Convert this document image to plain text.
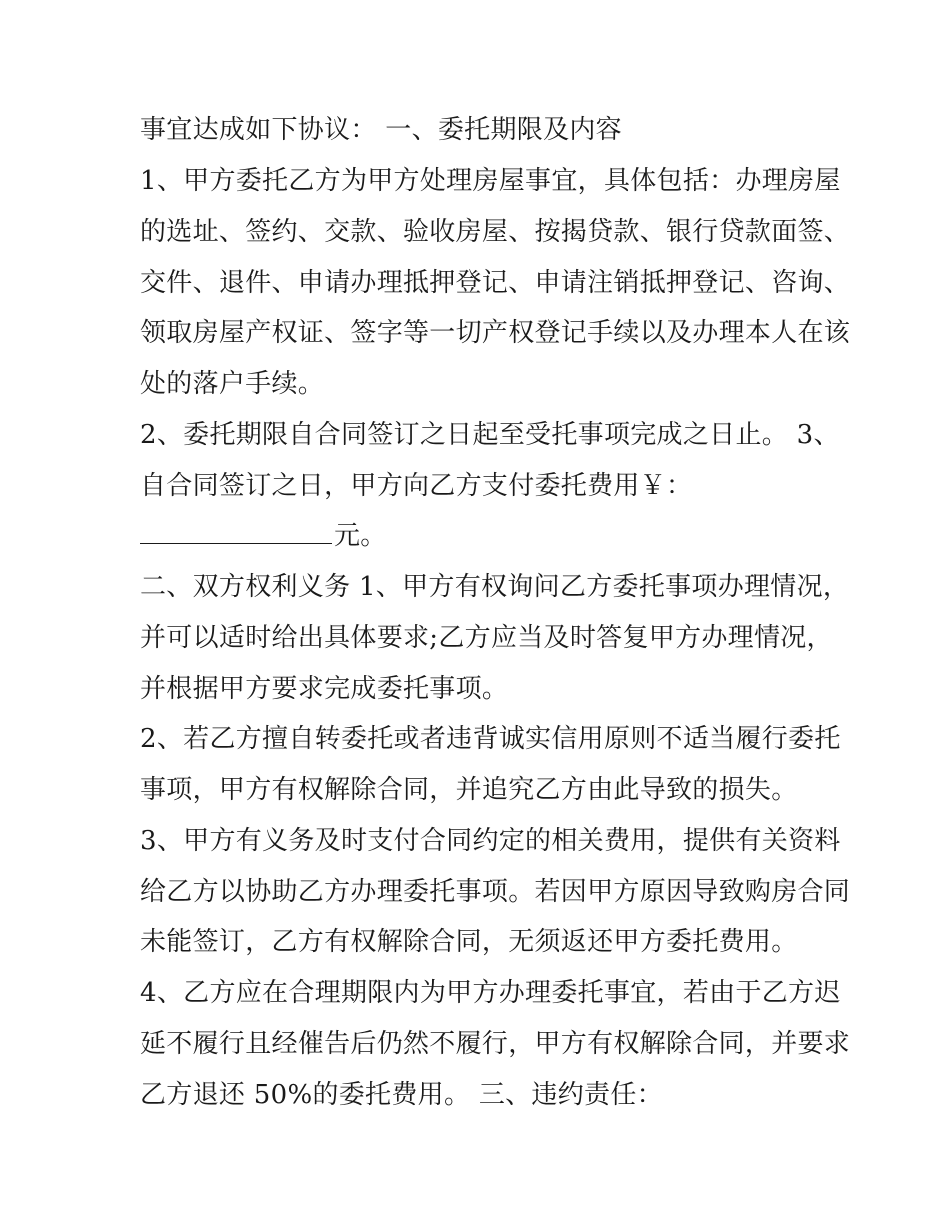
事宜达成如下协议： 一、委托期限及内容
1、甲方委托乙方为甲方处理房屋事宜，具体包括：办理房屋
的选址、签约、交款、验收房屋、按揭贷款、银行贷款面签、
交件、退件、申请办理抵押登记、申请注销抵押登记、咨询、
领取房屋产权证、签字等一切产权登记手续以及办理本人在该
处的落户手续。
2、委托期限自合同签订之日起至受托事项完成之日止。 3、
自合同签订之日，甲方向乙方支付委托费用￥：
元。
二、双方权利义务 1、甲方有权询问乙方委托事项办理情况，
并可以适时给出具体要求;乙方应当及时答复甲方办理情况，
并根据甲方要求完成委托事项。
2、若乙方擅自转委托或者违背诚实信用原则不适当履行委托
事项，甲方有权解除合同，并追究乙方由此导致的损失。
3、甲方有义务及时支付合同约定的相关费用，提供有关资料
给乙方以协助乙方办理委托事项。若因甲方原因导致购房合同
未能签订，乙方有权解除合同，无须返还甲方委托费用。
4、乙方应在合理期限内为甲方办理委托事宜，若由于乙方迟
延不履行且经催告后仍然不履行，甲方有权解除合同，并要求
乙方退还 50%的委托费用。 三、违约责任：
